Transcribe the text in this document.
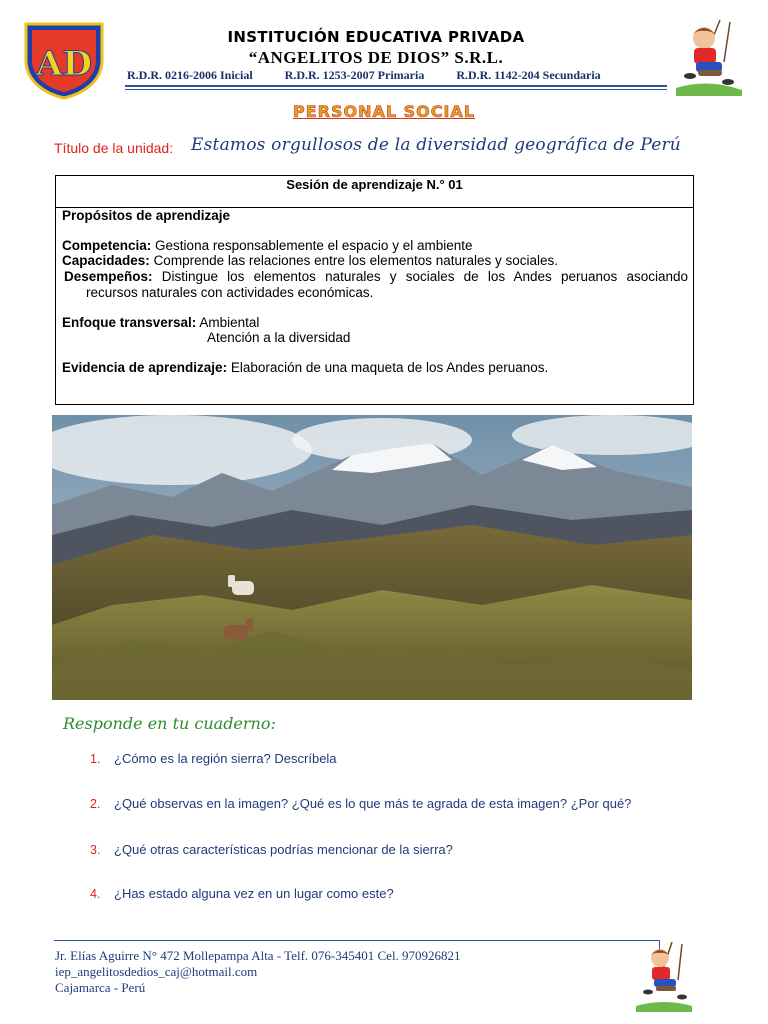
AD
INSTITUCIÓN EDUCATIVA PRIVADA
“ANGELITOS DE DIOS” S.R.L.
R.D.R. 0216-2006 Inicial	R.D.R. 1253-2007 Primaria	R.D.R. 1142-204 Secundaria
PERSONAL SOCIAL
Título de la unidad: Estamos orgullosos de la diversidad geográfica de Perú
Sesión de aprendizaje N.° 01
Propósitos de aprendizaje
Competencia: Gestiona responsablemente el espacio y el ambiente
Capacidades: Comprende las relaciones entre los elementos naturales y sociales.
Desempeños: Distingue los elementos naturales y sociales de los Andes peruanos asociando
recursos naturales con actividades económicas.
Enfoque transversal: Ambiental
Atención a la diversidad
Evidencia de aprendizaje: Elaboración de una maqueta de los Andes peruanos.
Responde en tu cuaderno:
1. ¿Cómo es la región sierra? Descríbela
2. ¿Qué observas en la imagen? ¿Qué es lo que más te agrada de esta imagen? ¿Por qué?
3. ¿Qué otras características podrías mencionar de la sierra?
4. ¿Has estado alguna vez en un lugar como este?
Jr. Elías Aguirre N° 472 Mollepampa Alta - Telf. 076-345401 Cel. 970926821
iep_angelitosdedios_caj@hotmail.com
Cajamarca - Perú
